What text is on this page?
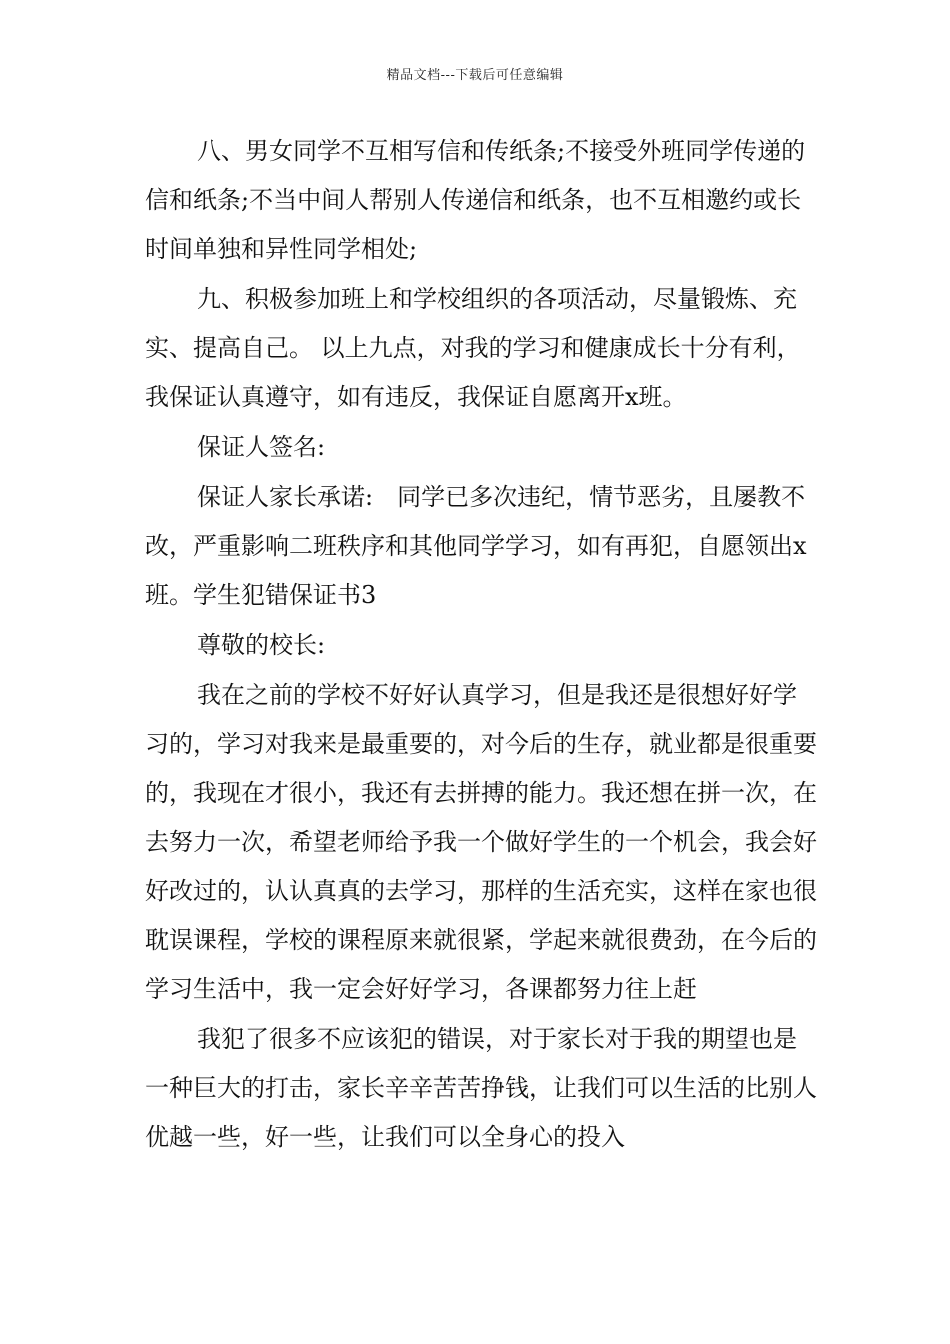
精品文档---下载后可任意编辑

八、男女同学不互相写信和传纸条;不接受外班同学传递的信和纸条;不当中间人帮别人传递信和纸条，也不互相邀约或长时间单独和异性同学相处;

九、积极参加班上和学校组织的各项活动，尽量锻炼、充实、提高自己。 以上九点，对我的学习和健康成长十分有利，我保证认真遵守，如有违反，我保证自愿离开x班。

保证人签名:

保证人家长承诺:　同学已多次违纪，情节恶劣，且屡教不改，严重影响二班秩序和其他同学学习，如有再犯，自愿领出x班。学生犯错保证书3

尊敬的校长:

我在之前的学校不好好认真学习，但是我还是很想好好学习的，学习对我来是最重要的，对今后的生存，就业都是很重要的，我现在才很小，我还有去拼搏的能力。我还想在拼一次，在去努力一次，希望老师给予我一个做好学生的一个机会，我会好好改过的，认认真真的去学习，那样的生活充实，这样在家也很耽误课程，学校的课程原来就很紧，学起来就很费劲，在今后的学习生活中，我一定会好好学习，各课都努力往上赶

我犯了很多不应该犯的错误，对于家长对于我的期望也是一种巨大的打击，家长辛辛苦苦挣钱，让我们可以生活的比别人优越一些，好一些，让我们可以全身心的投入
